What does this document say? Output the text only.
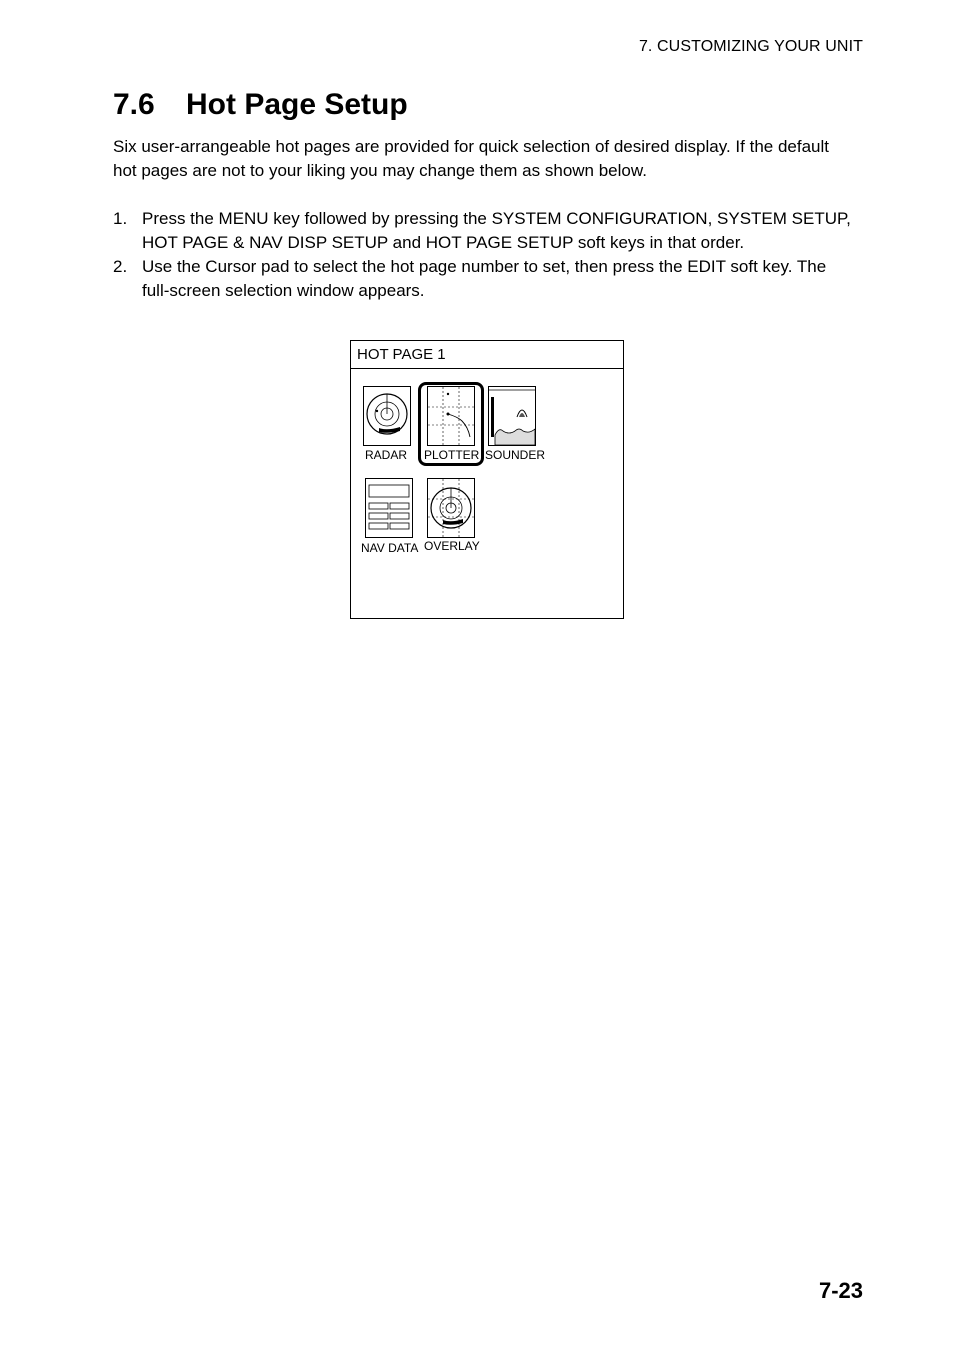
7. CUSTOMIZING YOUR UNIT
7.6 Hot Page Setup

Six user-arrangeable hot pages are provided for quick selection of desired display. If the default hot pages are not to your liking you may change them as shown below.

1. Press the MENU key followed by pressing the SYSTEM CONFIGURATION, SYSTEM SETUP, HOT PAGE & NAV DISP SETUP and HOT PAGE SETUP soft keys in that order.
2. Use the Cursor pad to select the hot page number to set, then press the EDIT soft key. The full-screen selection window appears.
HOT PAGE 1
RADAR PLOTTER SOUNDER
NAV DATA OVERLAY
7-23
